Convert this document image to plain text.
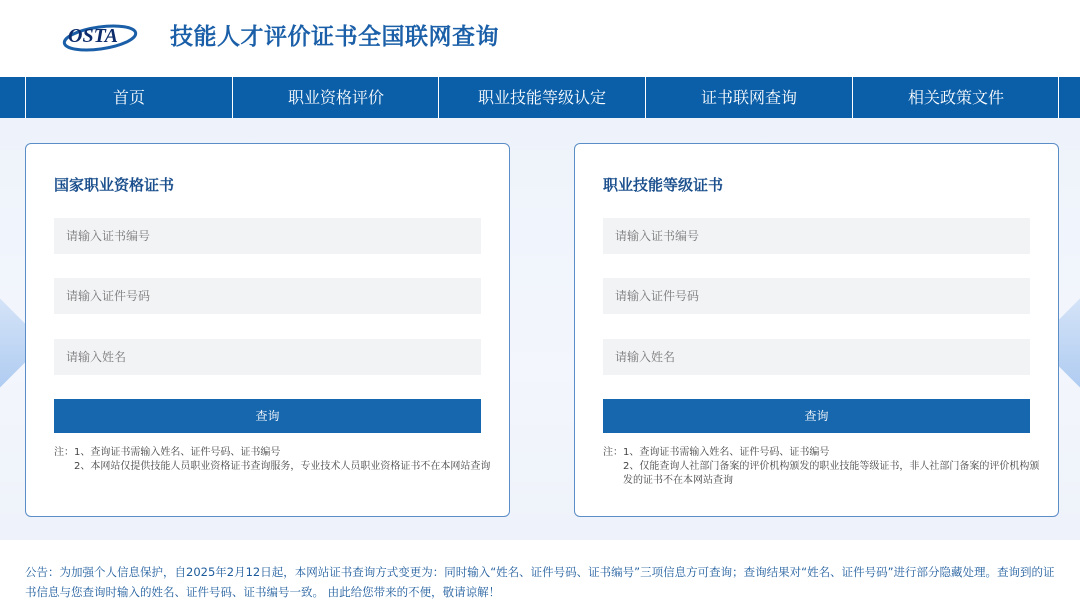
OSTA 技能人才评价证书全国联网查询
首页	职业资格评价	职业技能等级认定	证书联网查询	相关政策文件
国家职业资格证书
请输入证书编号
请输入证件号码
请输入姓名
查询
注：1、查询证书需输入姓名、证件号码、证书编号
2、本网站仅提供技能人员职业资格证书查询服务，专业技术人员职业资格证书不在本网站查询
职业技能等级证书
请输入证书编号
请输入证件号码
请输入姓名
查询
注：1、查询证书需输入姓名、证件号码、证书编号
2、仅能查询人社部门备案的评价机构颁发的职业技能等级证书，非人社部门备案的评价机构颁发的证书不在本网站查询
公告：为加强个人信息保护，自2025年2月12日起，本网站证书查询方式变更为：同时输入“姓名、证件号码、证书编号”三项信息方可查询；查询结果对“姓名、证件号码”进行部分隐藏处理。查询到的证书信息与您查询时输入的姓名、证件号码、证书编号一致。 由此给您带来的不便，敬请谅解！
